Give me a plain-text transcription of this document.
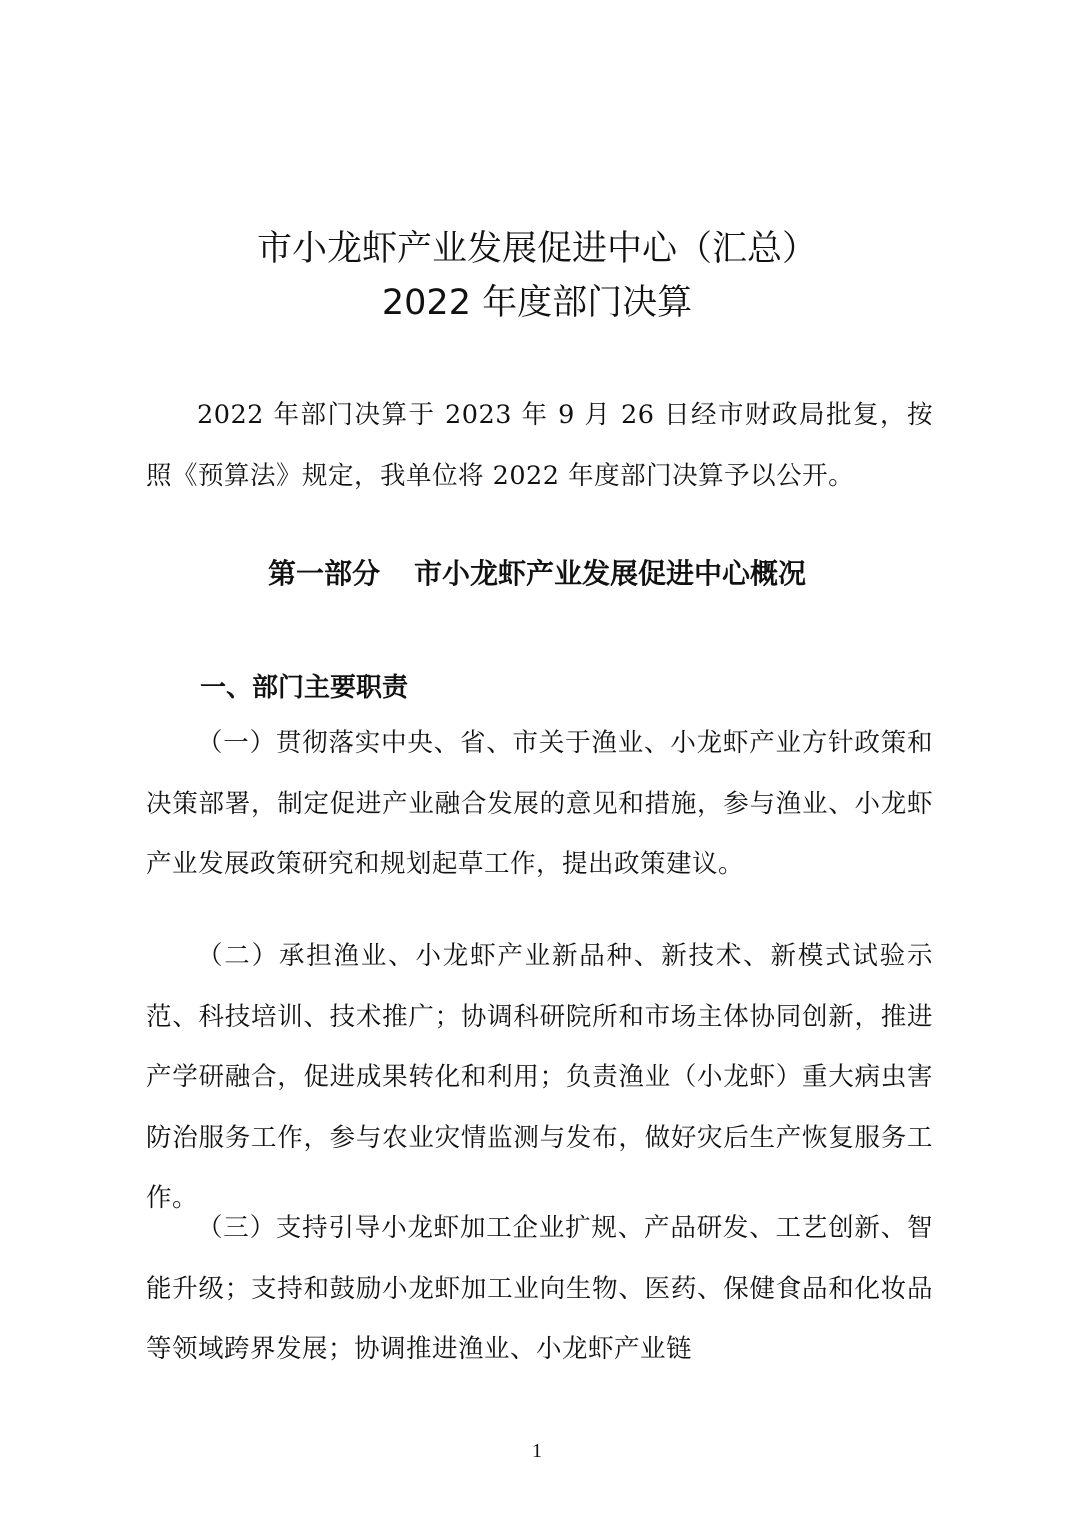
市小龙虾产业发展促进中心（汇总）
2022 年度部门决算

2022 年部门决算于 2023 年 9 月 26 日经市财政局批复，按照《预算法》规定，我单位将 2022 年度部门决算予以公开。

第一部分 市小龙虾产业发展促进中心概况
一、部门主要职责

（一）贯彻落实中央、省、市关于渔业、小龙虾产业方针政策和决策部署，制定促进产业融合发展的意见和措施，参与渔业、小龙虾产业发展政策研究和规划起草工作，提出政策建议。

（二）承担渔业、小龙虾产业新品种、新技术、新模式试验示范、科技培训、技术推广；协调科研院所和市场主体协同创新，推进产学研融合，促进成果转化和利用；负责渔业（小龙虾）重大病虫害防治服务工作，参与农业灾情监测与发布，做好灾后生产恢复服务工作。

（三）支持引导小龙虾加工企业扩规、产品研发、工艺创新、智能升级；支持和鼓励小龙虾加工业向生物、医药、保健食品和化妆品等领域跨界发展；协调推进渔业、小龙虾产业链

1
